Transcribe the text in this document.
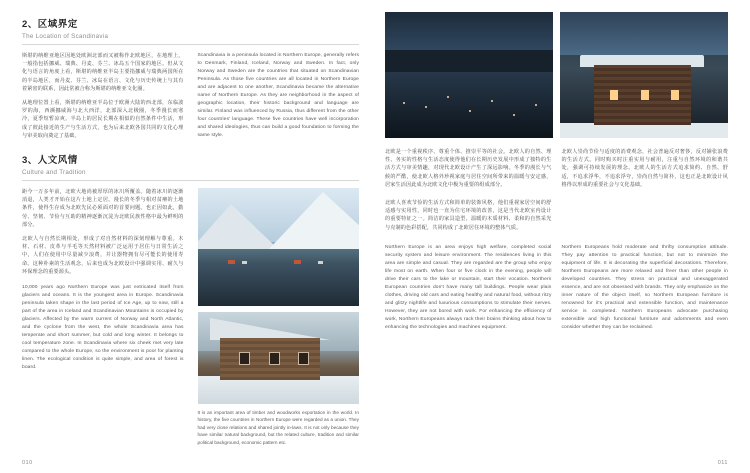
2、区域界定
The Location of Scandinavia

斯堪的纳维亚地区因地处欧洲北部而又被称作北欧地区，在地理上，一般指包括挪威、瑞典、丹麦、芬兰、冰岛五个国家的地区。但从文化与语言的角度上看，斯堪的纳维亚半岛主要指挪威与瑞典两国所在的半岛地区，而丹麦、芬兰、冰岛在语言、文化与历史传统上与其有着紧密的联系，因此常被合称为斯堪的纳维亚文化圈。

从地理位置上看，斯堪的纳维亚半岛位于欧洲大陆的西北部，东临波罗的海，西濒挪威海与北大西洋，北部深入北极圈，冬季漫长而寒冷，夏季短暂凉爽。半岛上的居民长期在相似的自然条件中生活，形成了彼此接近的生产与生活方式，也为后来北欧各国共同的文化心理与审美取向奠定了基础。

Scandinavia is a peninsula located in Northern Europe, generally refers to Denmark, Finland, Iceland, Norway and Sweden. In fact, only Norway and Sweden are the countries that situated on Scandinavian Peninsula. As those five countries are all located in Northern Europe and are adjacent to one another, Scandinavia became the alternative name of Northern Europe. As they are neighborhood in the aspect of geographic location, their historic background and language are similar. Finland was influenced by Russia, thus different from the other four countries' language. These five countries have well incorporation and shared ideologies, thus can build a good foundation to forming the same style.

3、人文风情
Culture and Tradition

距今一万多年前，北欧大地尚被厚厚的冰川所覆盖。随着冰川的逐渐消退，人类才开始在这片土地上定居。漫长的冬季与相对贫瘠的土地条件，使得生存成为北欧先民必须面对的首要问题。也正因如此，勤劳、坚韧、节俭与互助的精神逐渐沉淀为北欧民族性格中最为鲜明的部分。

北欧人与自然长期相处，形成了对自然材料的深刻理解与尊重。木材、石材、皮革与羊毛等天然材料被广泛运用于居住与日常生活之中，人们在使用中尽量减少浪费，并让器物拥有尽可能长的使用寿命。这种朴素的生活观念，后来也成为北欧设计中强调实用、耐久与环保理念的重要源头。

10,000 years ago Northern Europe was just extricated itself from glaciers and oceans. It is the youngest area in Europe. Scandinavia peninsula taken shape in the last period of Ice Age, up to now, still a part of the area in Iceland and Scandinavian Mountains is occupied by glaciers. Affected by the warm current of Norway and North Atlantic, and the cyclone from the west, the whole Scandinavia area has temperate and short summer, but cold and long winter. It belongs to cool temperature zone. In Scandinavia where six cheek met very late compared to the whole Europe, so the environment is poor for planting linen. The ecological condition is quite simple, and area of forest is board.

It is an important area of timber and woodworks exportation in the world. In history, the five countries in Northern Europe were regarded as a union. They had very close relations and shared jointly in-laws. It is not only because they have similar natural background, but the related culture, tradition and similar political background, economic pattern etc.

010

北欧是一个重视秩序、尊重个体、推崇平等的社会。北欧人的自然、理性、务实的性格与生活态度使得他们在长期历史发展中形成了独特的生活方式与审美情趣，对现代北欧设计产生了深远影响。冬季的漫长与气候的严酷，使北欧人格外珍视家庭与居住空间所带来的温暖与安定感，居家生活因此成为北欧文化中极为重要的组成部分。

北欧人崇尚节俭与适度的消费观念，社会普遍反对奢侈，反对铺张浪费的生活方式。同时购买时注重实用与耐用，注重与自然环境的和谐共处，强调可持续发展的理念。北欧人的生活方式追求简约、自然、舒适，不追求浮华，不追求浮夸，崇尚自然与简朴，这也正是北欧设计风格得以形成的重要社会与文化基础。

北欧人喜欢节俭的生活方式和简单的装饰风格，他们重视家居空间的舒适感与实用性，同时也一直为住宅环境的改善，这是当代北欧室内设计的重要特征之一。简洁的家具造型、温暖的木质材料、柔和的自然采光与克制的色彩搭配，共同构成了北欧居住环境的整体气质。

Northern Europe is an area enjoys high welfare, completed social security system and leisure environment. The residences living in this area are simple and casual. They are regarded are the group who enjoy life most on earth. When four or five clock in the evening, people will drive their cars to the lake or mountain, start their vocation. Northern European countries don't have many tall buildings. People wear plain clothes, driving old cars and eating healthy and natural food, without ritzy and glitzy nightlife and luxurious consumptions to stimulate their nerves. However, they are not bored with work. For enhancing the efficiency of work, Northern Europeans always rack their brains thinking about how to enhancing the technologies and machines equipment.

Northern Europeans hold moderate and thrifty consumption attitude. They pay attention to practical function, but not to minimize the equipment of life. It is decorating the superficial decorations. Therefore, Northern Europeans are more relaxed and freer than other people in developed countries. They stress on practical and unexaggerated essence, and are not obsessed with brands. They only emphasize on the inner nature of the object itself, so Northern European furniture is renowned for it's practical and extensible function, and maintenance service is completed. Northern Europeans advocate purchasing extensible and high functional furniture and adornments and even consider whether they can be reclaimed.

011
